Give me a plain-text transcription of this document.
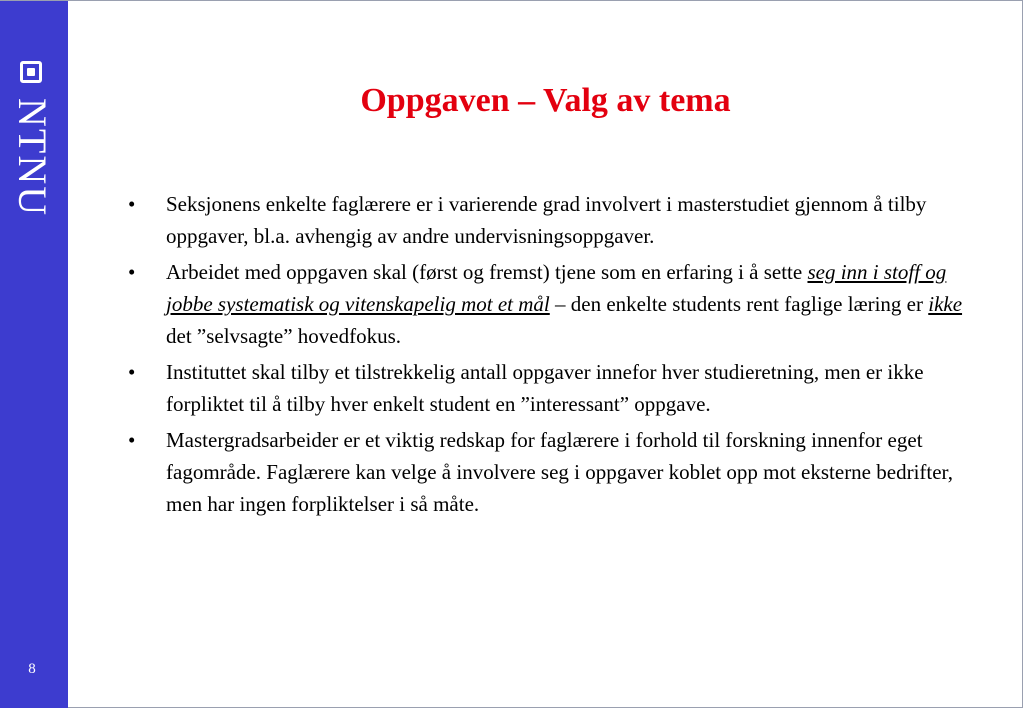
NTNU
8
Oppgaven – Valg av tema
• Seksjonens enkelte faglærere er i varierende grad involvert i masterstudiet gjennom å tilby oppgaver, bl.a. avhengig av andre undervisningsoppgaver.
• Arbeidet med oppgaven skal (først og fremst) tjene som en erfaring i å sette seg inn i stoff og jobbe systematisk og vitenskapelig mot et mål – den enkelte students rent faglige læring er ikke det ”selvsagte” hovedfokus.
• Instituttet skal tilby et tilstrekkelig antall oppgaver innefor hver studieretning, men er ikke forpliktet til å tilby hver enkelt student en ”interessant” oppgave.
• Mastergradsarbeider er et viktig redskap for faglærere i forhold til forskning innenfor eget fagområde. Faglærere kan velge å involvere seg i oppgaver koblet opp mot eksterne bedrifter, men har ingen forpliktelser i så måte.
